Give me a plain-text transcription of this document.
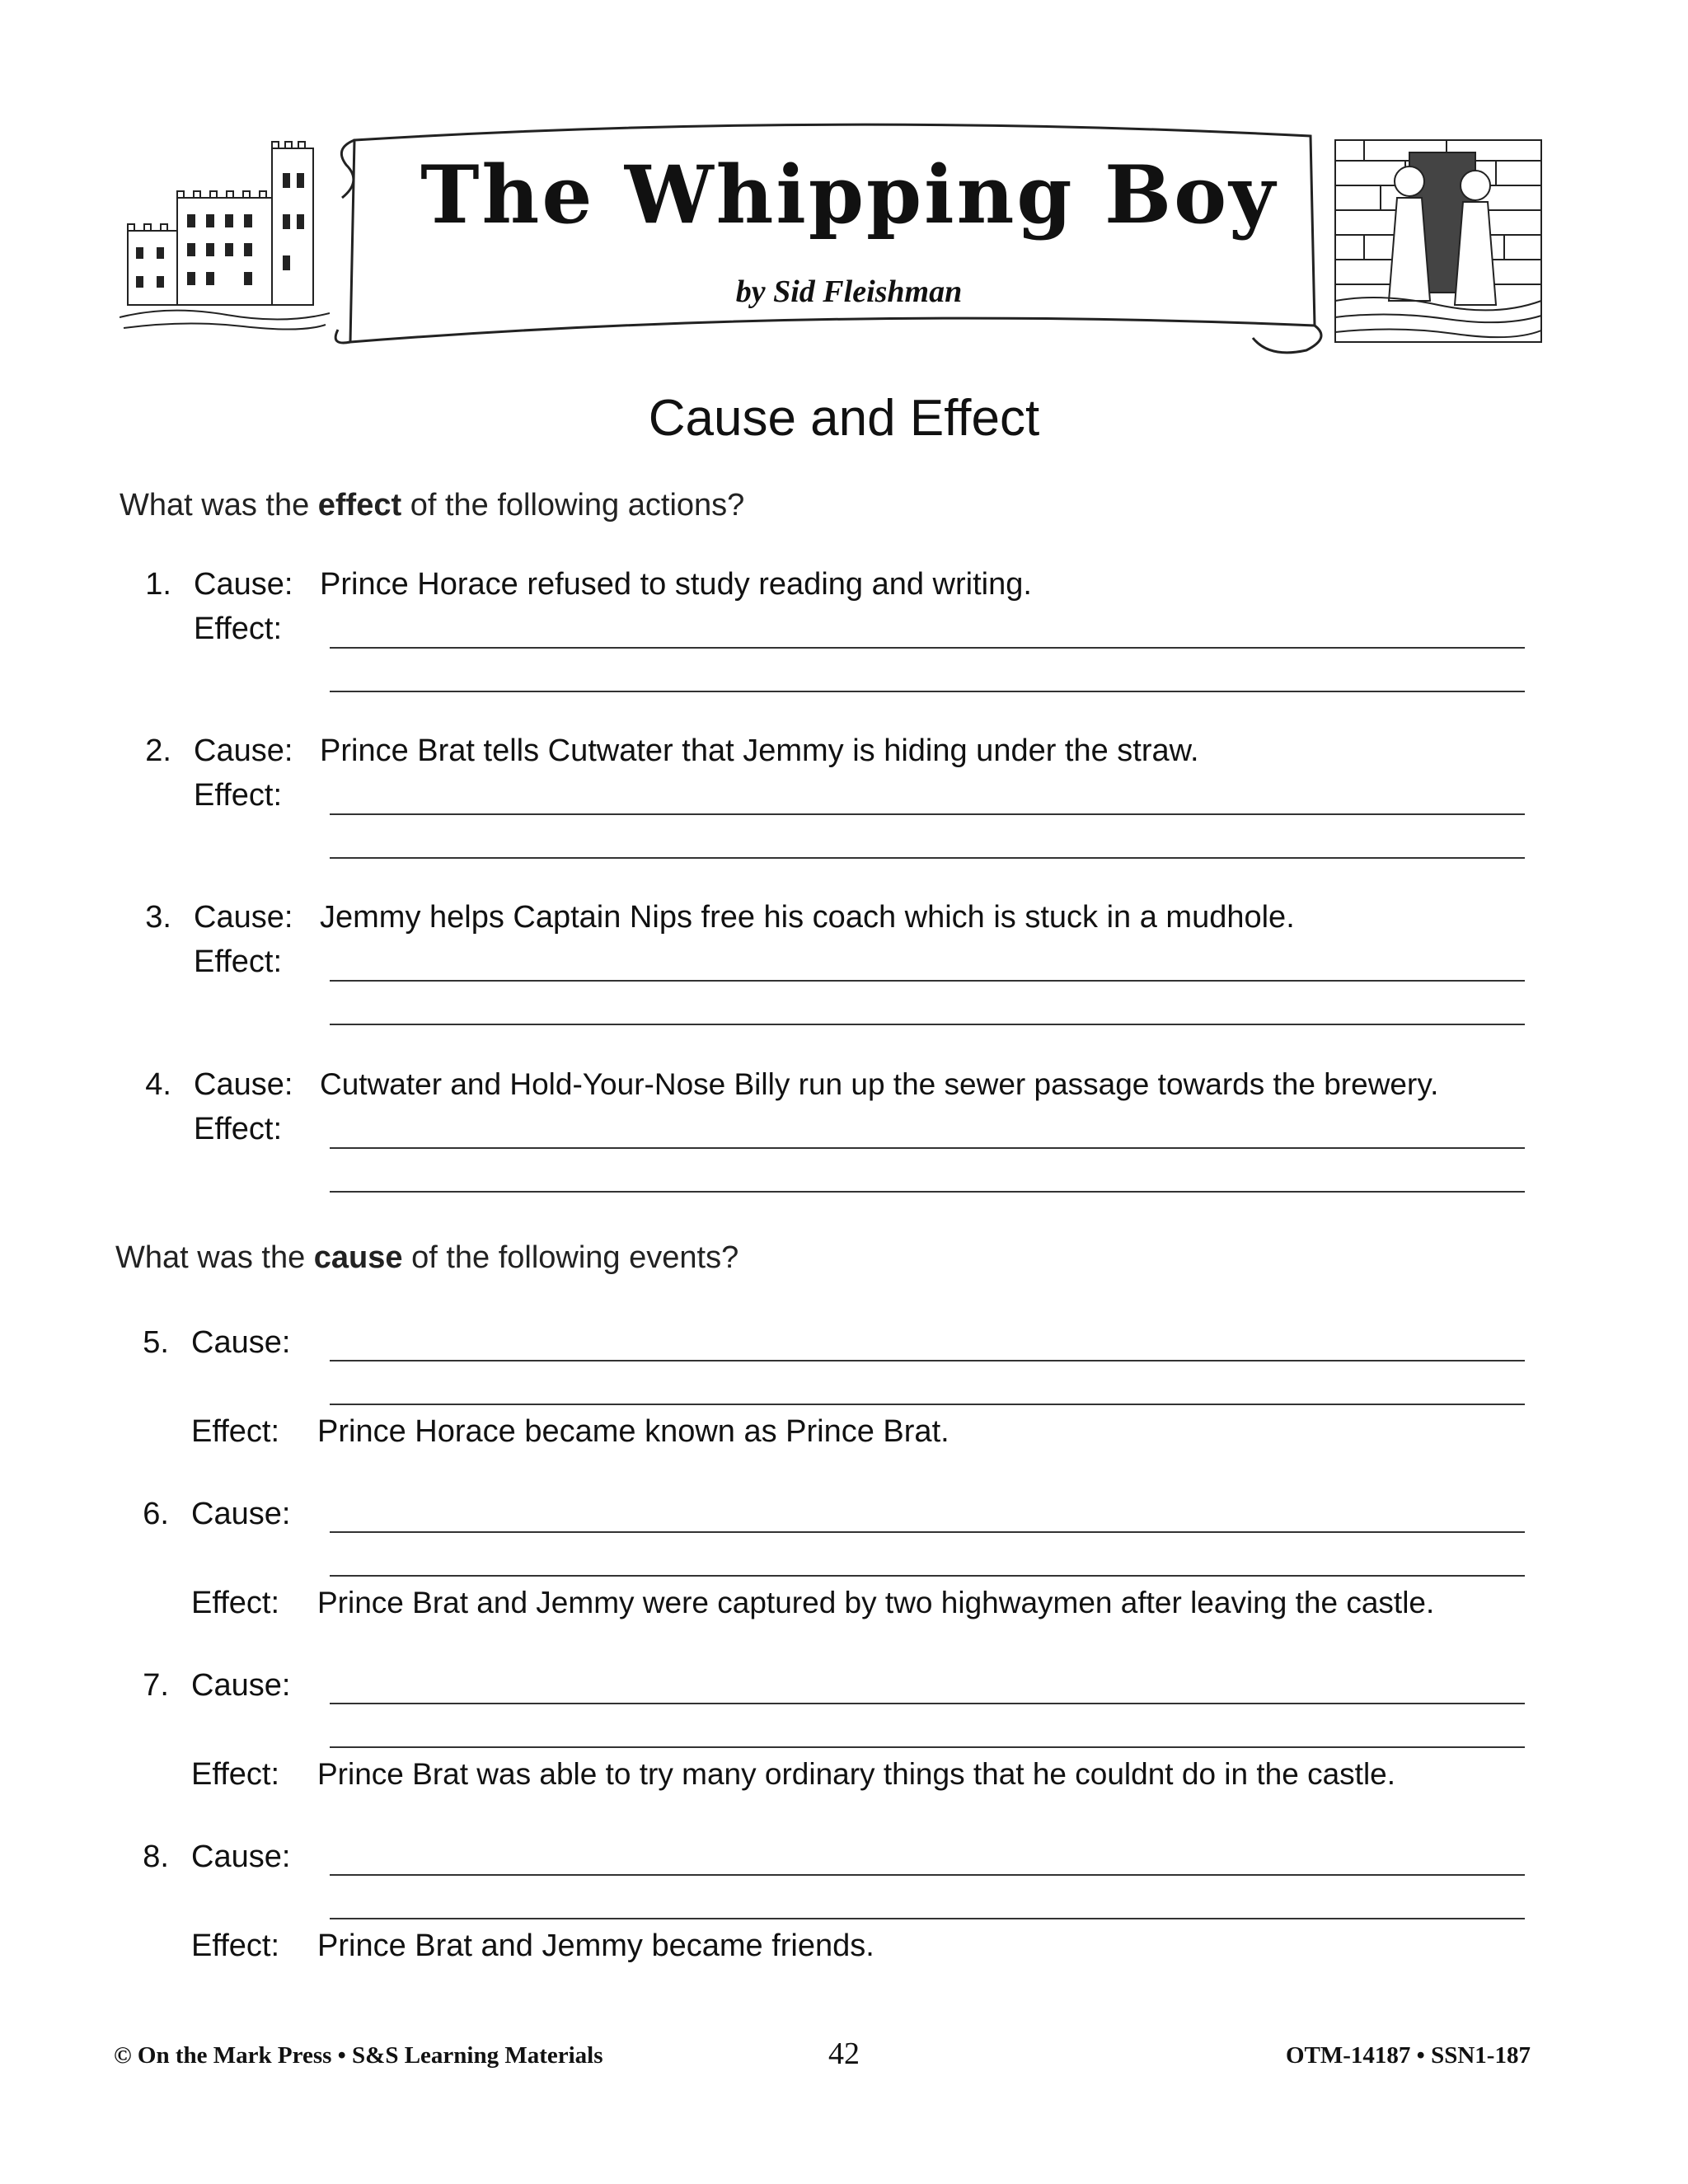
The Whipping Boy
by Sid Fleishman
Cause and Effect
What was the effect of the following actions?
1. Cause: Prince Horace refused to study reading and writing.
Effect:
2. Cause: Prince Brat tells Cutwater that Jemmy is hiding under the straw.
Effect:
3. Cause: Jemmy helps Captain Nips free his coach which is stuck in a mudhole.
Effect:
4. Cause: Cutwater and Hold-Your-Nose Billy run up the sewer passage towards the brewery.
Effect:
What was the cause of the following events?
5. Cause:
Effect: Prince Horace became known as Prince Brat.
6. Cause:
Effect: Prince Brat and Jemmy were captured by two highwaymen after leaving the castle.
7. Cause:
Effect: Prince Brat was able to try many ordinary things that he couldnt do in the castle.
8. Cause:
Effect: Prince Brat and Jemmy became friends.
© On the Mark Press • S&S Learning Materials	42	OTM-14187 • SSN1-187
